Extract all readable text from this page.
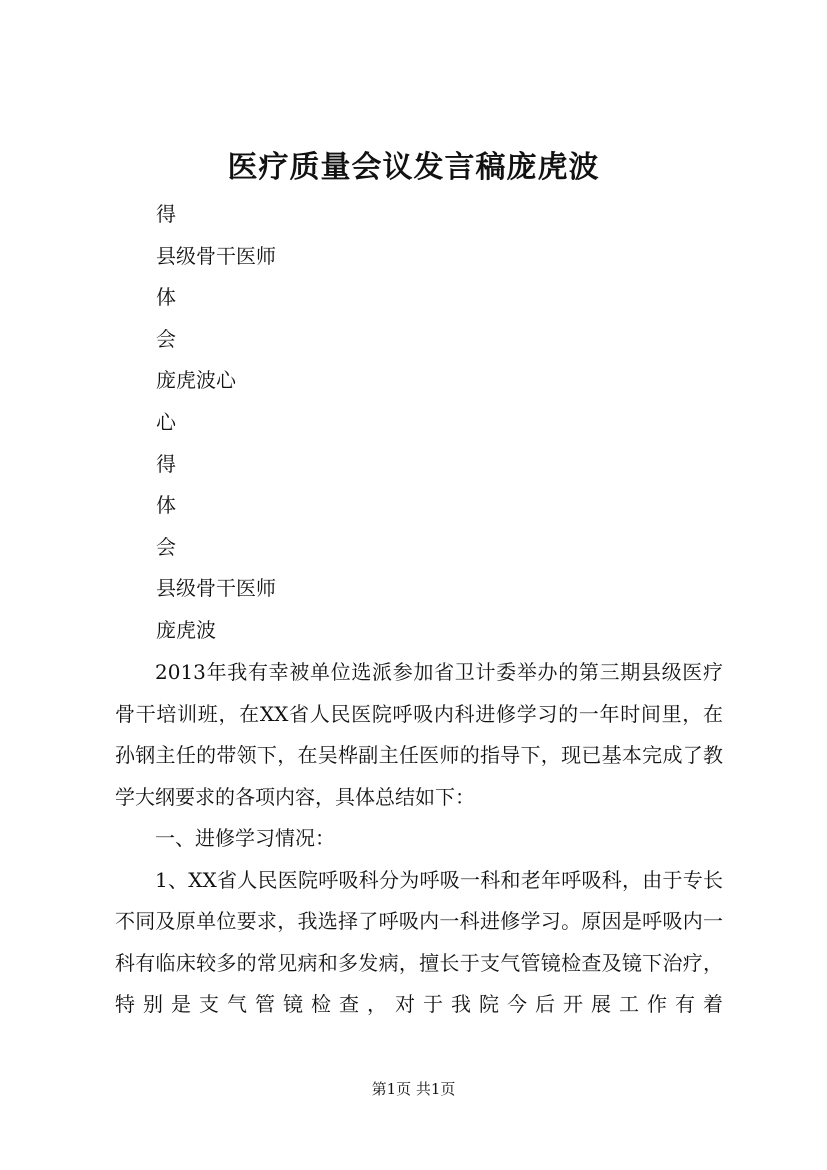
医疗质量会议发言稿庞虎波
得
县级骨干医师
体
会
庞虎波心
心
得
体
会
县级骨干医师
庞虎波

2013年我有幸被单位选派参加省卫计委举办的第三期县级医疗骨干培训班，在XX省人民医院呼吸内科进修学习的一年时间里，在孙钢主任的带领下，在吴桦副主任医师的指导下，现已基本完成了教学大纲要求的各项内容，具体总结如下：

一、进修学习情况：

1、XX省人民医院呼吸科分为呼吸一科和老年呼吸科，由于专长不同及原单位要求，我选择了呼吸内一科进修学习。原因是呼吸内一科有临床较多的常见病和多发病，擅长于支气管镜检查及镜下治疗，特别是支气管镜检查，对于我院今后开展工作有着

第1页 共1页
